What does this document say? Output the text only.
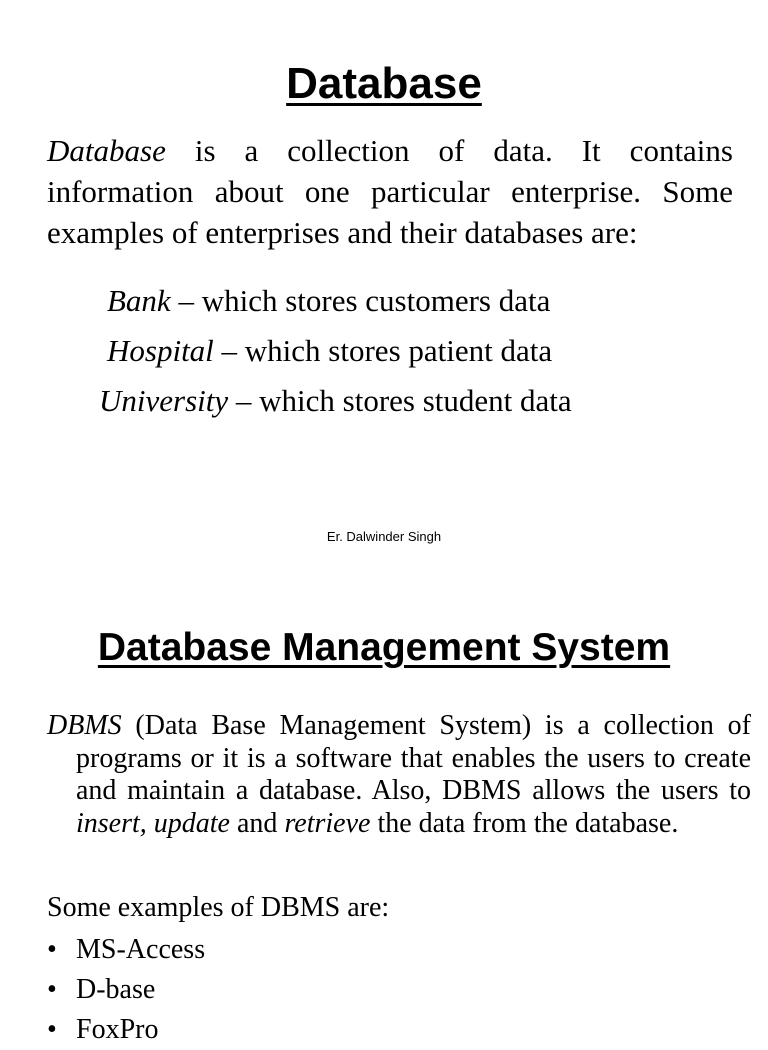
Database

Database is a collection of data. It contains information about one particular enterprise. Some examples of enterprises and their databases are:

Bank – which stores customers data
Hospital – which stores patient data
University – which stores student data
Er. Dalwinder Singh
Database Management System

DBMS (Data Base Management System) is a collection of programs or it is a software that enables the users to create and maintain a database. Also, DBMS allows the users to insert, update and retrieve the data from the database.

Some examples of DBMS are:

• MS-Access
• D-base
• FoxPro
